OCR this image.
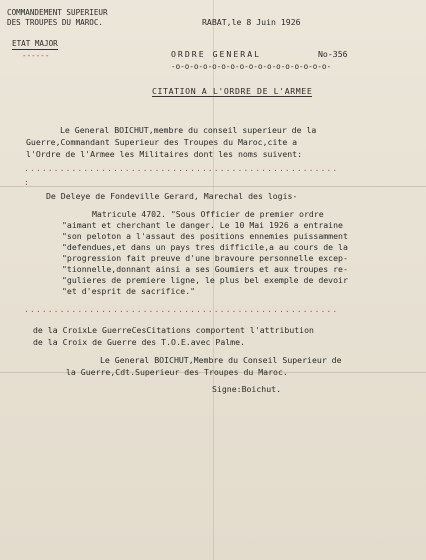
COMMANDEMENT SUPERIEUR
DES TROUPES DU MAROC.
ETAT MAJOR
------
RABAT,le 8 Juin 1926
ORDRE GENERAL	No-356
-o-o-o-o-o-o-o-o-o-o-o-o-o-o-o-o-o-
CITATION A L'ORDRE DE L'ARMEE
Le General BOICHUT,membre du conseil superieur de la
Guerre,Commandant Superieur des Troupes du Maroc,cite a
l'Ordre de l'Armee les Militaires dont les noms suivent:
.....................................................
:
De Deleye de Fondeville Gerard, Marechal des logis-
Matricule 4702. "Sous Officier de premier ordre
"aimant et cherchant le danger. Le 10 Mai 1926 a entraine
"son peloton a l'assaut des positions ennemies puissamment
"defendues,et dans un pays tres difficile,a au cours de la
"progression fait preuve d'une bravoure personnelle excep-
"tionnelle,donnant ainsi a ses Goumiers et aux troupes re-
"gulieres de premiere ligne, le plus bel exemple de devoir
"et d'esprit de sacrifice."
.....................................................
de la CroixLe GuerreCesCitations comportent l'attribution
de la Croix de Guerre des T.O.E.avec Palme.
Le General BOICHUT,Membre du Conseil Superieur de
la Guerre,Cdt.Superieur des Troupes du Maroc.
Signe:Boichut.
